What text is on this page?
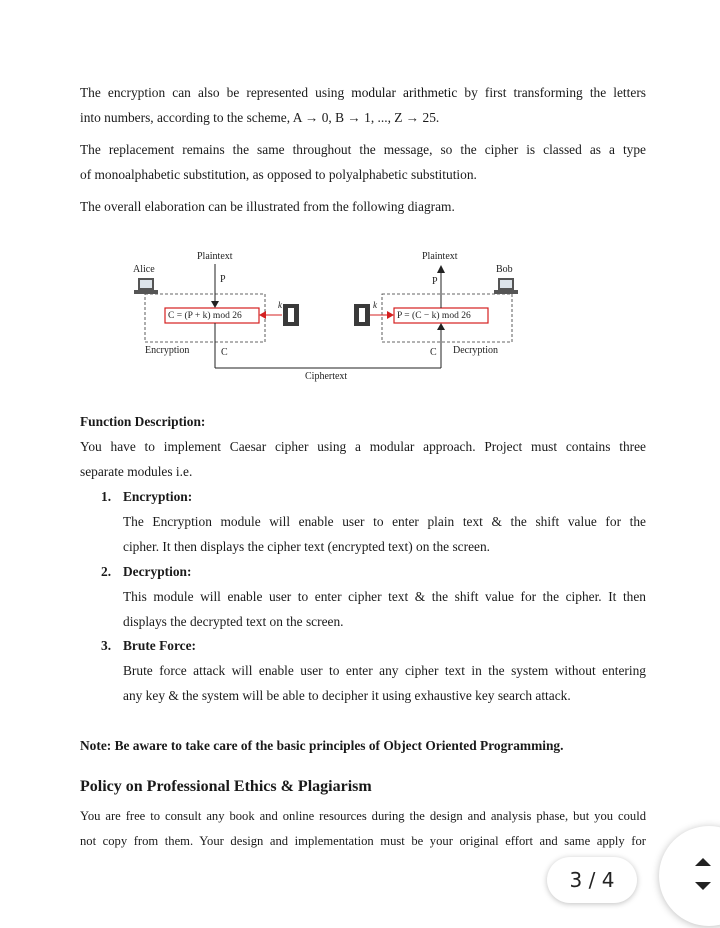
The encryption can also be represented using modular arithmetic by first transforming the letters
into numbers, according to the scheme, A → 0, B → 1, ..., Z → 25.

The replacement remains the same throughout the message, so the cipher is classed as a type
of monoalphabetic substitution, as opposed to polyalphabetic substitution.

The overall elaboration can be illustrated from the following diagram.

Plaintext	Plaintext
Alice	Bob
P	P
C = (P + k) mod 26	P = (C − k) mod 26
k	k
Encryption	Decryption
C	C
Ciphertext
Function Description:
You have to implement Caesar cipher using a modular approach. Project must contains three
separate modules i.e.
1. Encryption:
The Encryption module will enable user to enter plain text & the shift value for the
cipher. It then displays the cipher text (encrypted text) on the screen.
2. Decryption:
This module will enable user to enter cipher text & the shift value for the cipher. It then
displays the decrypted text on the screen.
3. Brute Force:
Brute force attack will enable user to enter any cipher text in the system without entering
any key & the system will be able to decipher it using exhaustive key search attack.
Note: Be aware to take care of the basic principles of Object Oriented Programming.
Policy on Professional Ethics & Plagiarism
You are free to consult any book and online resources during the design and analysis phase, but you could
not copy from them. Your design and implementation must be your original effort and same apply for
3 / 4
